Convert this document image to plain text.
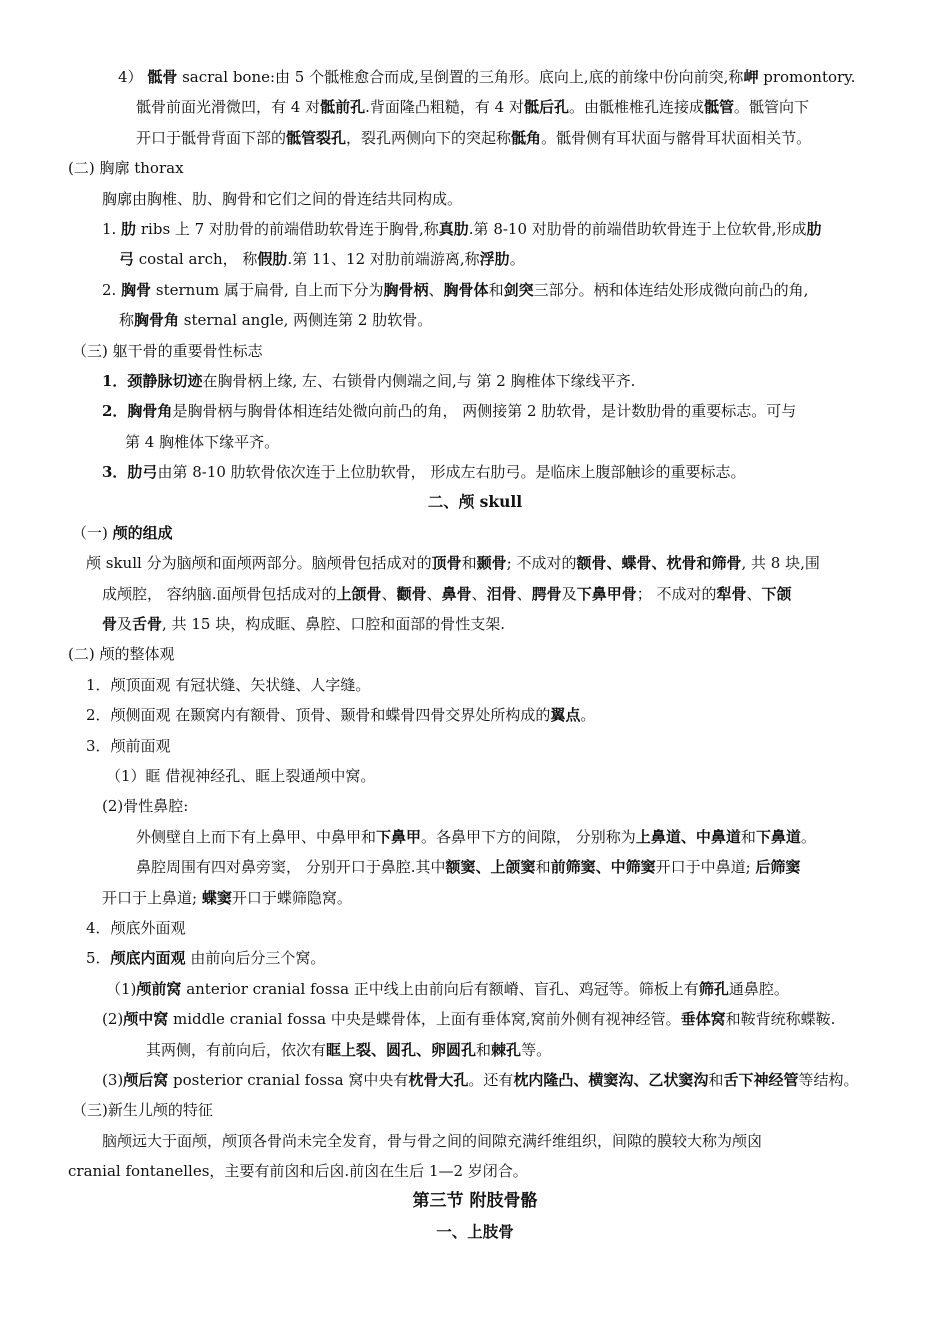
4） 骶骨 sacral bone:由 5 个骶椎愈合而成,呈倒置的三角形。底向上,底的前缘中份向前突,称岬 promontory.
骶骨前面光滑微凹，有 4 对骶前孔.背面隆凸粗糙，有 4 对骶后孔。由骶椎椎孔连接成骶管。骶管向下
开口于骶骨背面下部的骶管裂孔，裂孔两侧向下的突起称骶角。骶骨侧有耳状面与髂骨耳状面相关节。
(二) 胸廓 thorax
胸廓由胸椎、肋、胸骨和它们之间的骨连结共同构成。
1. 肋 ribs 上 7 对肋骨的前端借助软骨连于胸骨,称真肋.第 8-10 对肋骨的前端借助软骨连于上位软骨,形成肋
弓 costal arch， 称假肋.第 11、12 对肋前端游离,称浮肋。
2. 胸骨 sternum 属于扁骨, 自上而下分为胸骨柄、胸骨体和剑突三部分。柄和体连结处形成微向前凸的角,
称胸骨角 sternal angle, 两侧连第 2 肋软骨。
（三) 躯干骨的重要骨性标志
1．颈静脉切迹在胸骨柄上缘, 左、右锁骨内侧端之间,与 第 2 胸椎体下缘线平齐.
2．胸骨角是胸骨柄与胸骨体相连结处微向前凸的角， 两侧接第 2 肋软骨，是计数肋骨的重要标志。可与
第 4 胸椎体下缘平齐。
3．肋弓由第 8-10 肋软骨依次连于上位肋软骨， 形成左右肋弓。是临床上腹部触诊的重要标志。
二、颅 skull
（一) 颅的组成
颅 skull 分为脑颅和面颅两部分。脑颅骨包括成对的顶骨和颞骨; 不成对的额骨、蝶骨、枕骨和筛骨, 共 8 块,围
成颅腔， 容纳脑.面颅骨包括成对的上颌骨、颧骨、鼻骨、泪骨、腭骨及下鼻甲骨； 不成对的犁骨、下颌
骨及舌骨, 共 15 块，构成眶、鼻腔、口腔和面部的骨性支架.
(二) 颅的整体观
1．颅顶面观 有冠状缝、矢状缝、人字缝。
2．颅侧面观 在颞窝内有额骨、顶骨、颞骨和蝶骨四骨交界处所构成的翼点。
3．颅前面观
（1）眶 借视神经孔、眶上裂通颅中窝。
(2)骨性鼻腔:
外侧壁自上而下有上鼻甲、中鼻甲和下鼻甲。各鼻甲下方的间隙， 分别称为上鼻道、中鼻道和下鼻道。
鼻腔周围有四对鼻旁窦， 分别开口于鼻腔.其中额窦、上颌窦和前筛窦、中筛窦开口于中鼻道; 后筛窦
开口于上鼻道; 蝶窦开口于蝶筛隐窝。
4．颅底外面观
5．颅底内面观 由前向后分三个窝。
（1)颅前窝 anterior cranial fossa 正中线上由前向后有额嵴、盲孔、鸡冠等。筛板上有筛孔通鼻腔。
(2)颅中窝 middle cranial fossa 中央是蝶骨体，上面有垂体窝,窝前外侧有视神经管。垂体窝和鞍背统称蝶鞍.
其两侧，有前向后，依次有眶上裂、圆孔、卵圆孔和棘孔等。
(3)颅后窝 posterior cranial fossa 窝中央有枕骨大孔。还有枕内隆凸、横窦沟、乙状窦沟和舌下神经管等结构。
（三)新生儿颅的特征
脑颅远大于面颅，颅顶各骨尚未完全发育，骨与骨之间的间隙充满纤维组织，间隙的膜较大称为颅囟
cranial fontanelles，主要有前囟和后囟.前囟在生后 1—2 岁闭合。
第三节 附肢骨骼
一、上肢骨
